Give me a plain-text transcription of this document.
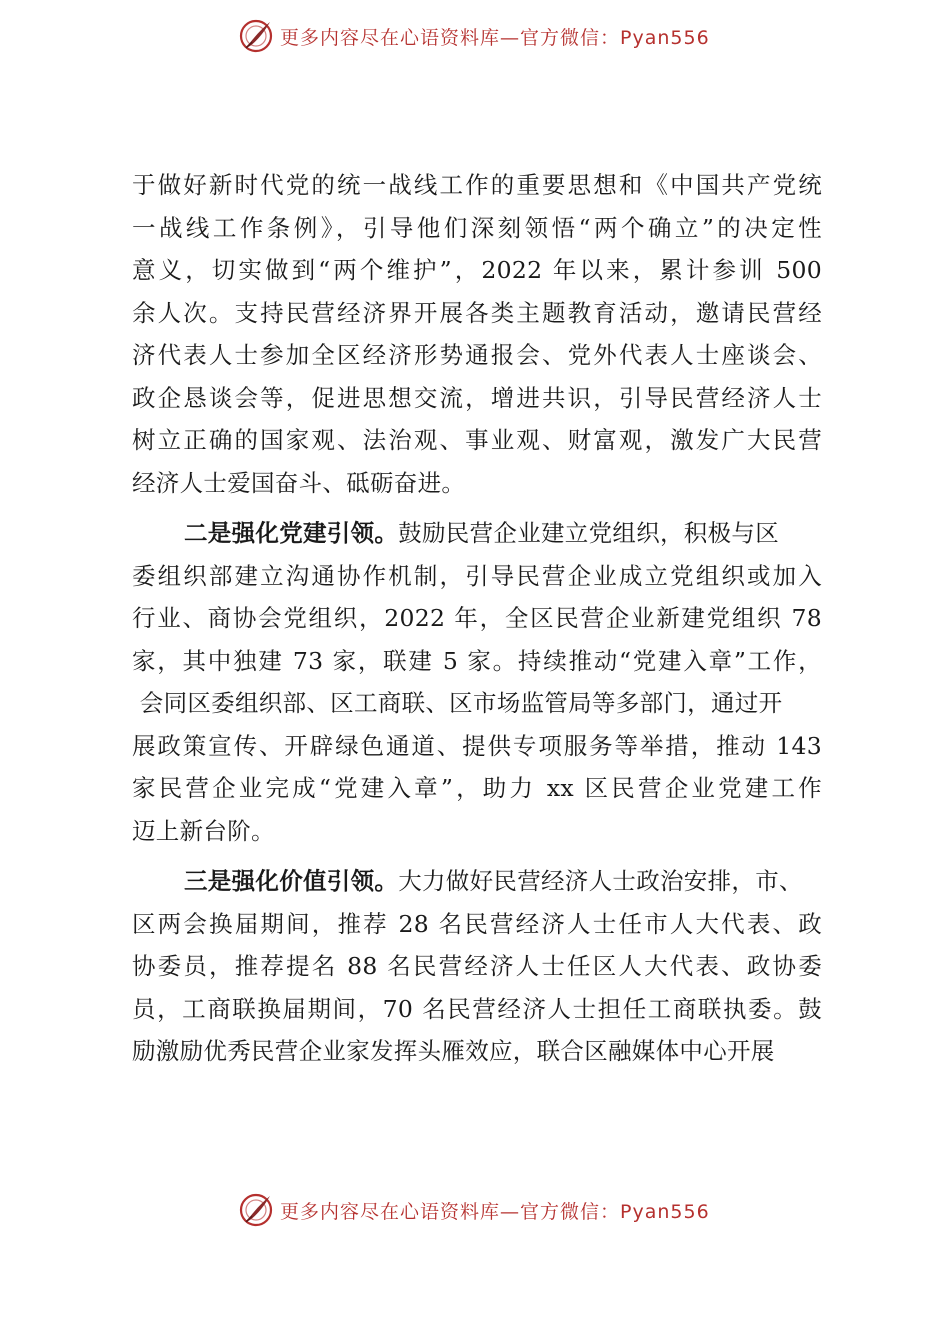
更多内容尽在心语资料库—官方微信：Pyan556
于做好新时代党的统一战线工作的重要思想和《中国共产党统
一战线工作条例》，引导他们深刻领悟“两个确立”的决定性
意义，切实做到“两个维护”，2022 年以来，累计参训 500
余人次。支持民营经济界开展各类主题教育活动，邀请民营经
济代表人士参加全区经济形势通报会、党外代表人士座谈会、
政企恳谈会等，促进思想交流，增进共识，引导民营经济人士
树立正确的国家观、法治观、事业观、财富观，激发广大民营
经济人士爱国奋斗、砥砺奋进。
二是强化党建引领。鼓励民营企业建立党组织，积极与区
委组织部建立沟通协作机制，引导民营企业成立党组织或加入
行业、商协会党组织，2022 年，全区民营企业新建党组织 78
家，其中独建 73 家，联建 5 家。持续推动“党建入章”工作，
会同区委组织部、区工商联、区市场监管局等多部门，通过开
展政策宣传、开辟绿色通道、提供专项服务等举措，推动 143
家民营企业完成“党建入章”，助力 xx 区民营企业党建工作
迈上新台阶。
三是强化价值引领。大力做好民营经济人士政治安排，市、
区两会换届期间，推荐 28 名民营经济人士任市人大代表、政
协委员，推荐提名 88 名民营经济人士任区人大代表、政协委
员，工商联换届期间，70 名民营经济人士担任工商联执委。鼓
励激励优秀民营企业家发挥头雁效应，联合区融媒体中心开展
更多内容尽在心语资料库—官方微信：Pyan556
